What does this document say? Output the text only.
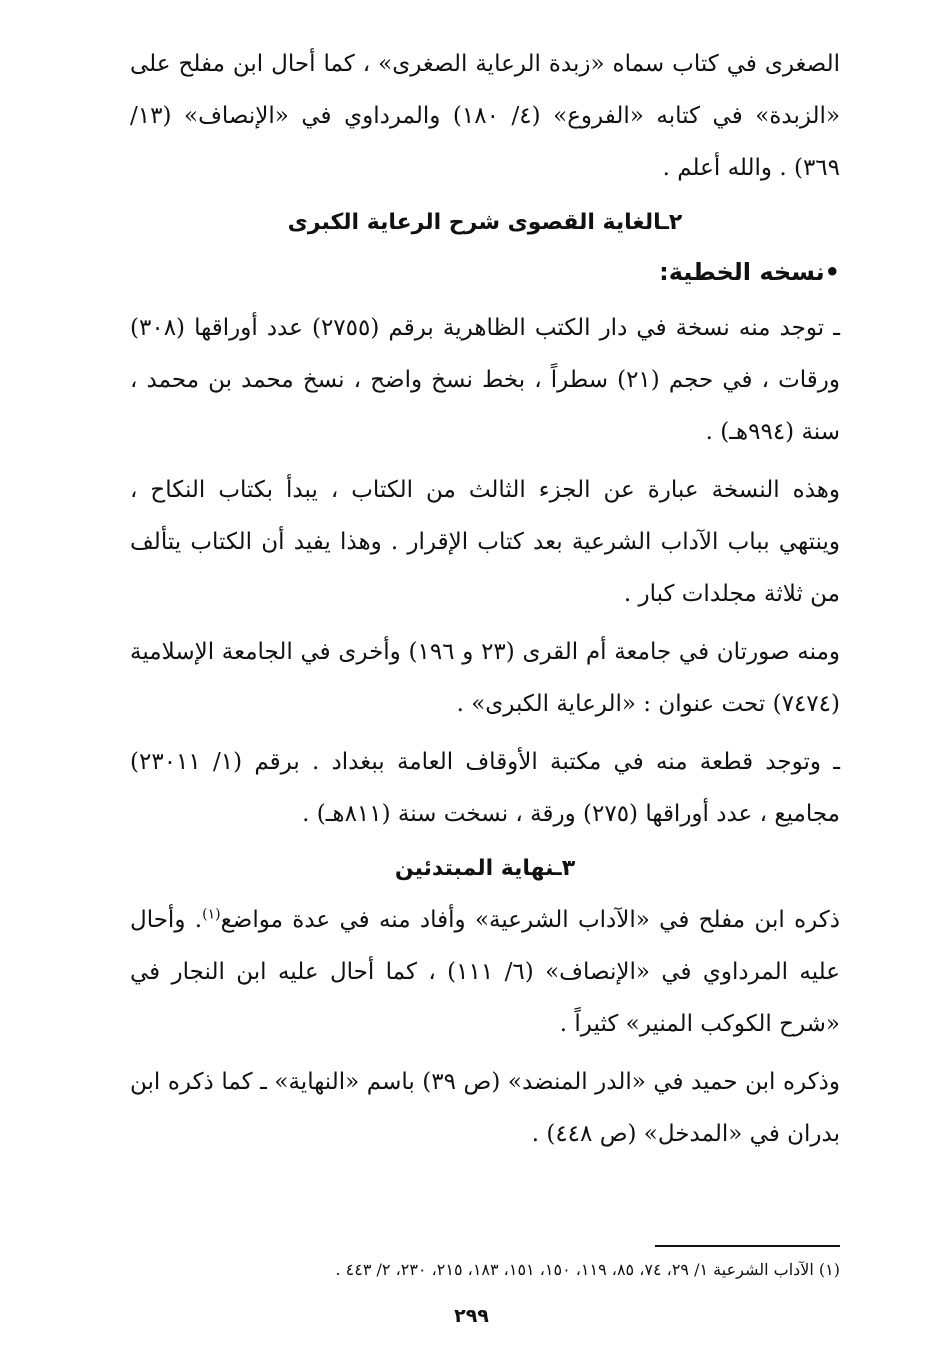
الصغرى في كتاب سماه «زبدة الرعاية الصغرى» ، كما أحال ابن مفلح على «الزبدة» في كتابه «الفروع» (٤/ ١٨٠) والمرداوي في «الإنصاف» (١٣/ ٣٦٩) . والله أعلم .

٢ـالغاية القصوى شرح الرعاية الكبرى
•نسخه الخطية:

ـ توجد منه نسخة في دار الكتب الظاهرية برقم (٢٧٥٥) عدد أوراقها (٣٠٨) ورقات ، في حجم (٢١) سطراً ، بخط نسخ واضح ، نسخ محمد بن محمد ، سنة (٩٩٤هـ) .

وهذه النسخة عبارة عن الجزء الثالث من الكتاب ، يبدأ بكتاب النكاح ، وينتهي بباب الآداب الشرعية بعد كتاب الإقرار . وهذا يفيد أن الكتاب يتألف من ثلاثة مجلدات كبار .

ومنه صورتان في جامعة أم القرى (٢٣ و ١٩٦) وأخرى في الجامعة الإسلامية (٧٤٧٤) تحت عنوان : «الرعاية الكبرى» .

ـ وتوجد قطعة منه في مكتبة الأوقاف العامة ببغداد . برقم (١/ ٢٣٠١١) مجاميع ، عدد أوراقها (٢٧٥) ورقة ، نسخت سنة (٨١١هـ) .

٣ـنهاية المبتدئين

ذكره ابن مفلح في «الآداب الشرعية» وأفاد منه في عدة مواضع$^{(١)}$. وأحال عليه المرداوي في «الإنصاف» (٦/ ١١١) ، كما أحال عليه ابن النجار في «شرح الكوكب المنير» كثيراً .

وذكره ابن حميد في «الدر المنضد» (ص ٣٩) باسم «النهاية» ـ كما ذكره ابن بدران في «المدخل» (ص ٤٤٨) .

(١) الآداب الشرعية ١/ ٢٩، ٧٤، ٨٥، ١١٩، ١٥٠، ١٥١، ١٨٣، ٢١٥، ٢٣٠، ٢/ ٤٤٣ .
٢٩٩
